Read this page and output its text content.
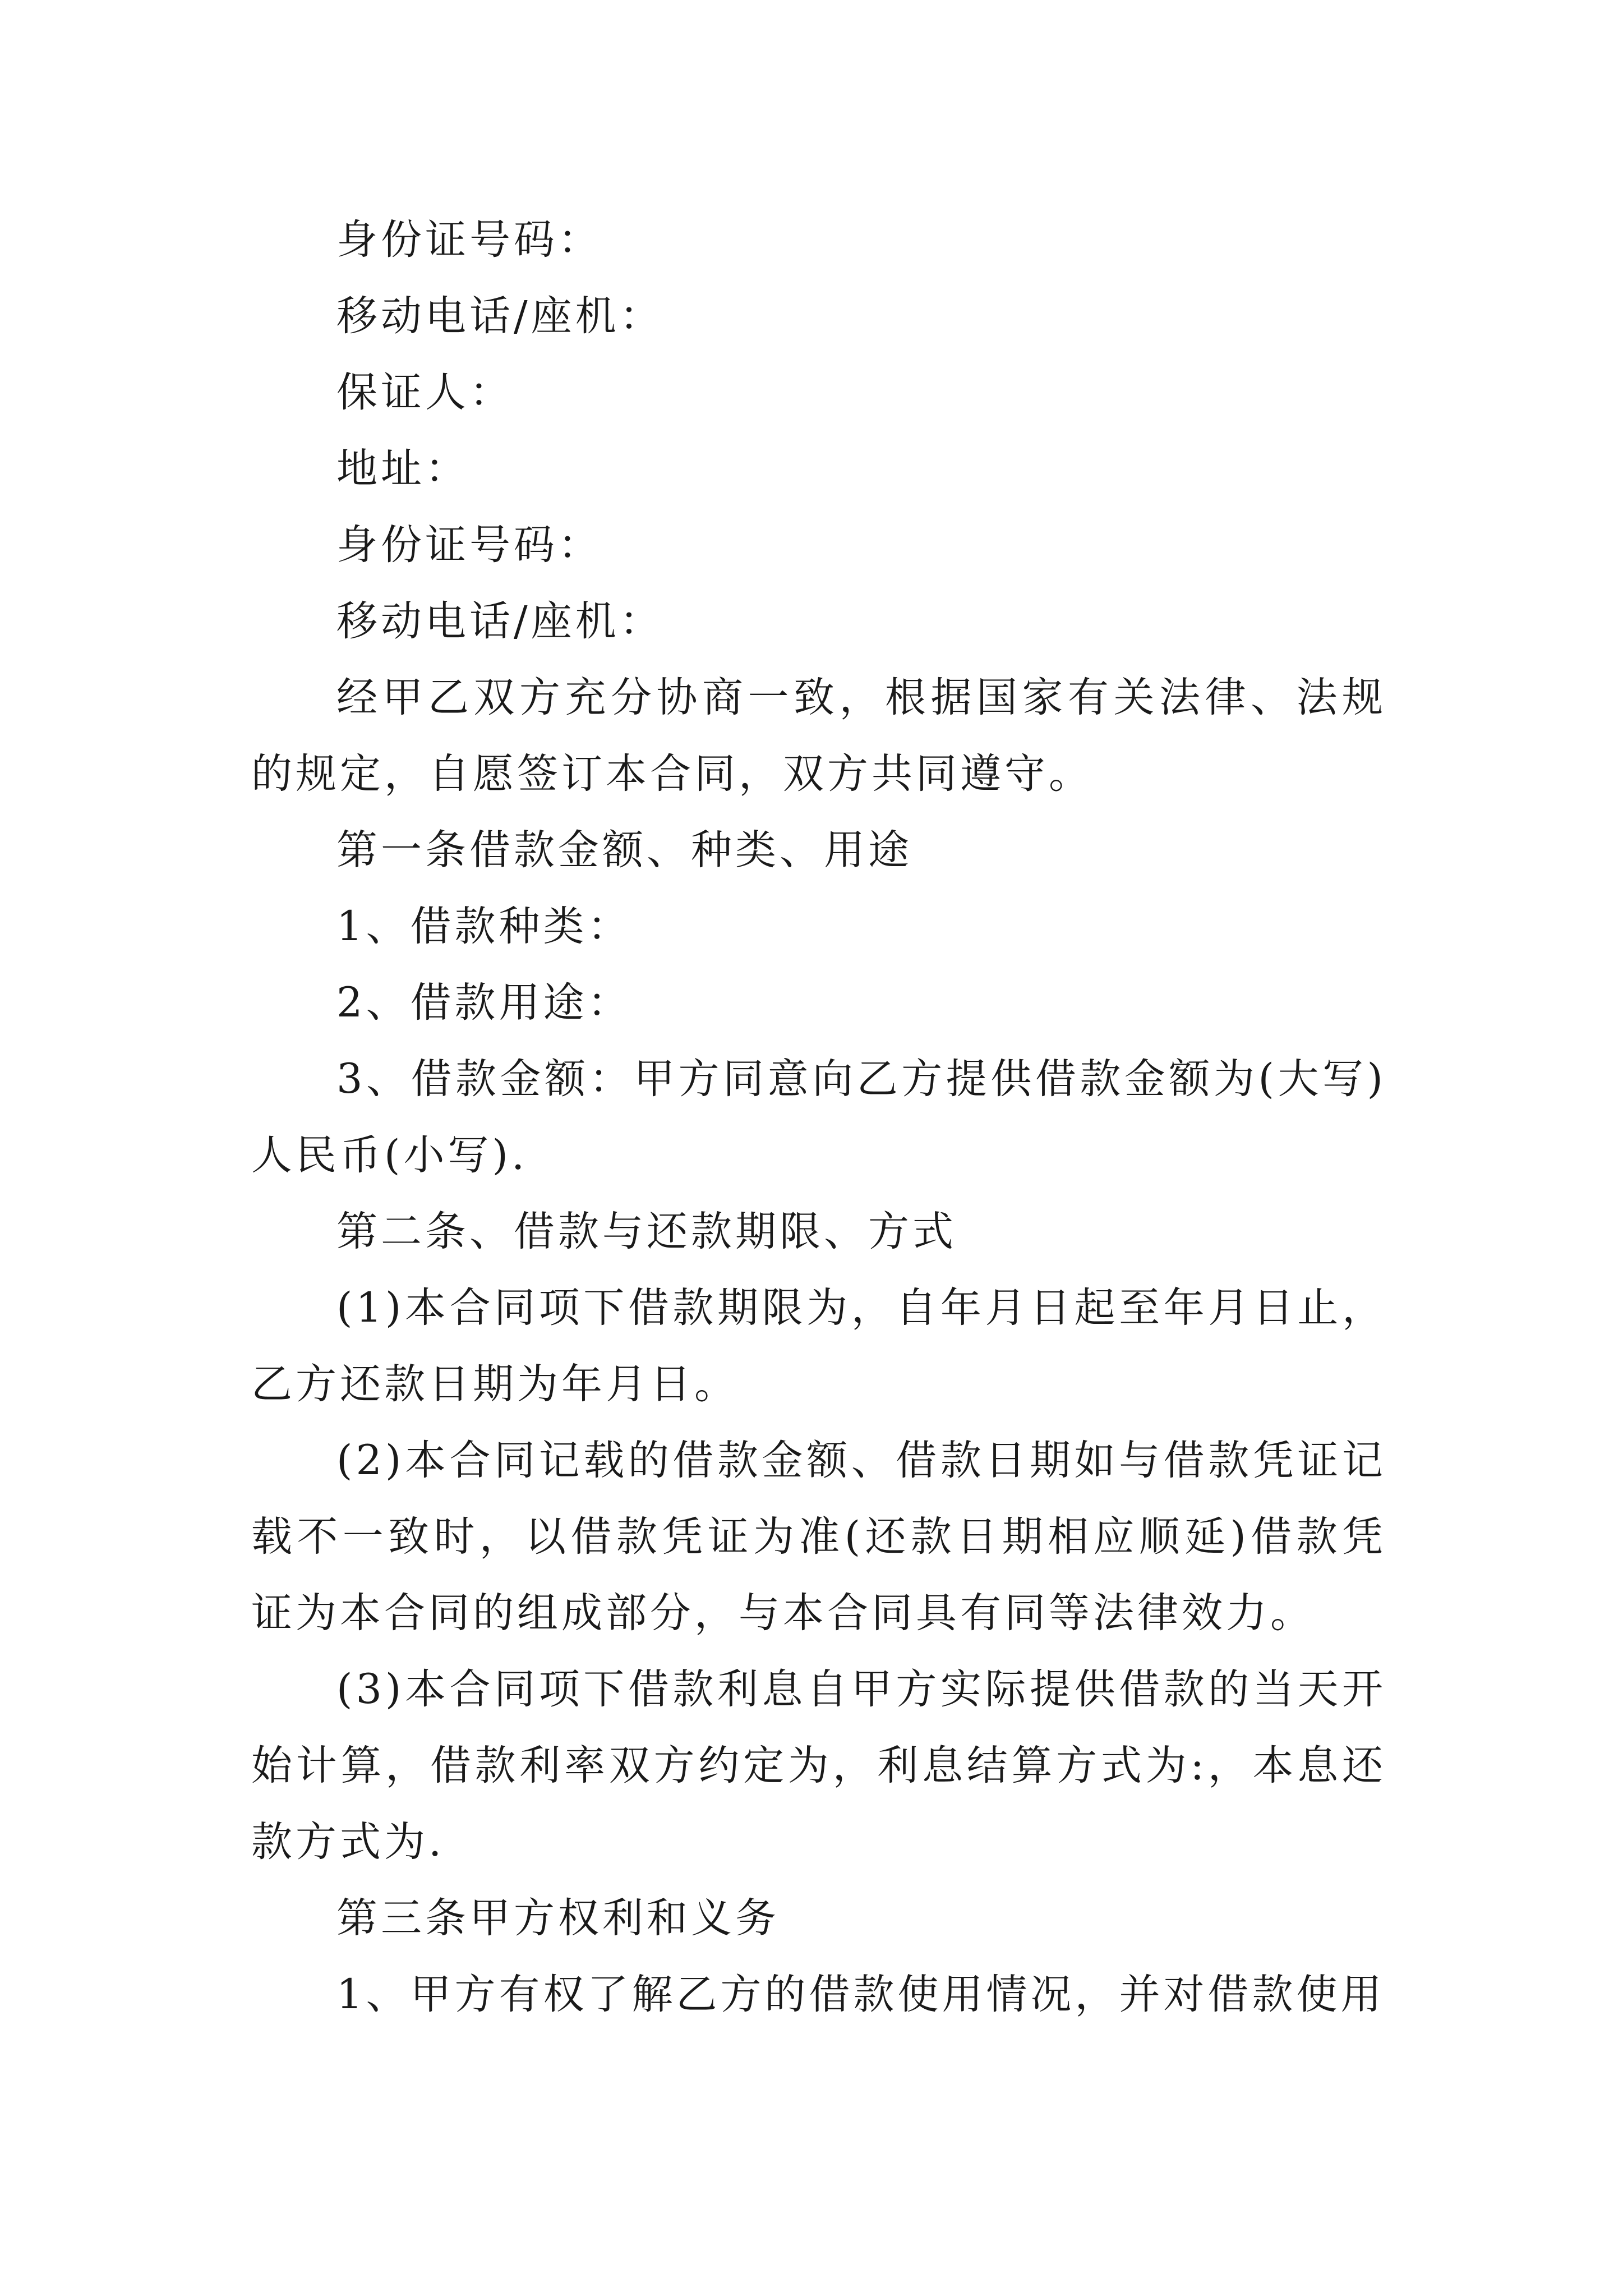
身份证号码：

移动电话/座机：

保证人：

地址：

身份证号码：

移动电话/座机：

经甲乙双方充分协商一致，根据国家有关法律、法规的规定，自愿签订本合同，双方共同遵守。

第一条借款金额、种类、用途

1、借款种类：

2、借款用途：

3、借款金额：甲方同意向乙方提供借款金额为(大写)人民币(小写).

第二条、借款与还款期限、方式

(1)本合同项下借款期限为，自年月日起至年月日止，乙方还款日期为年月日。

(2)本合同记载的借款金额、借款日期如与借款凭证记载不一致时，以借款凭证为准(还款日期相应顺延)借款凭证为本合同的组成部分，与本合同具有同等法律效力。

(3)本合同项下借款利息自甲方实际提供借款的当天开始计算，借款利率双方约定为，利息结算方式为:，本息还款方式为.

第三条甲方权利和义务

1、甲方有权了解乙方的借款使用情况，并对借款使用
